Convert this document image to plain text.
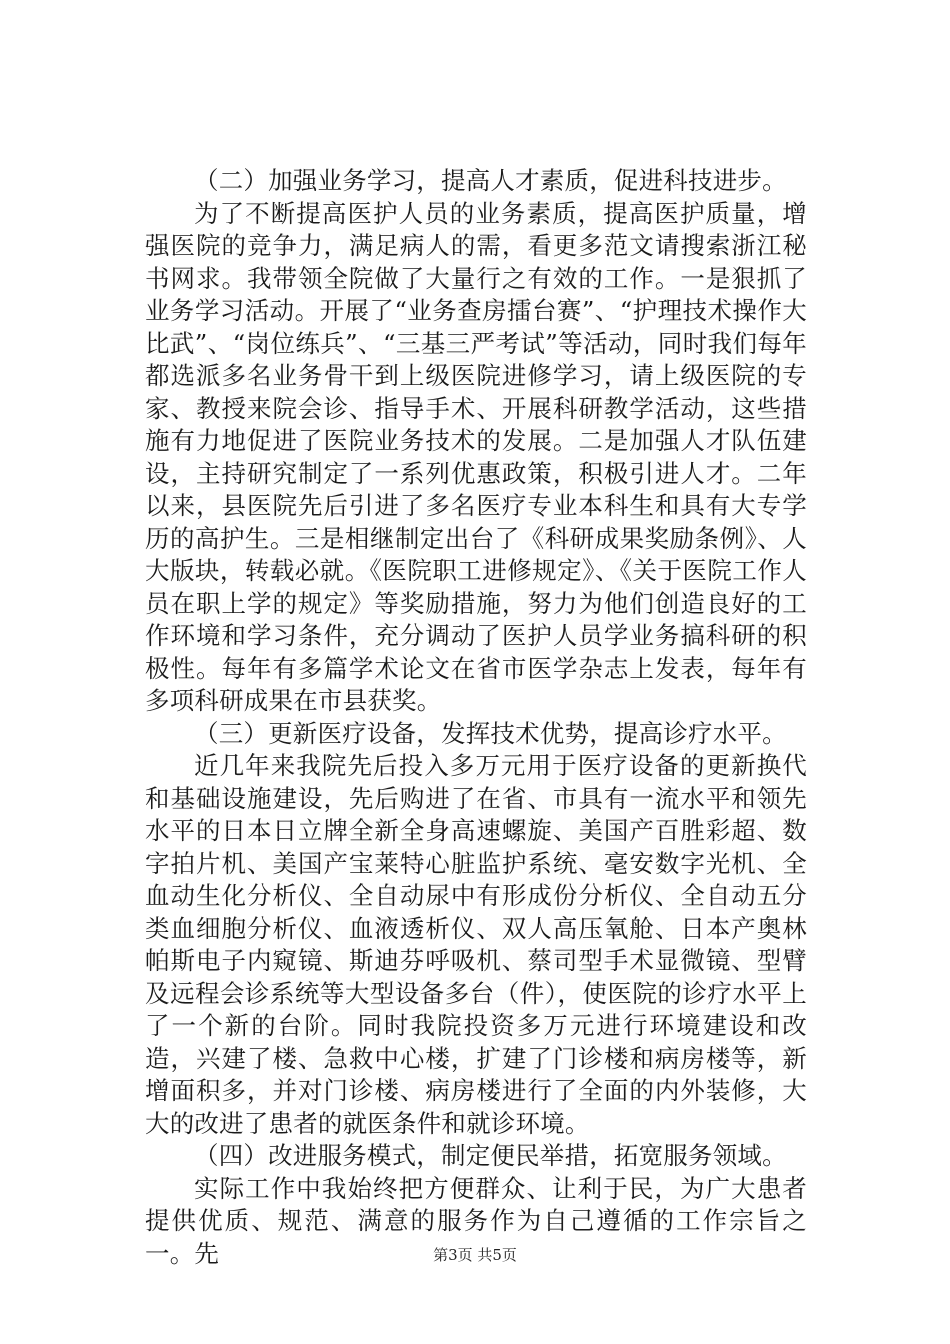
（二）加强业务学习，提高人才素质，促进科技进步。

为了不断提高医护人员的业务素质，提高医护质量，增强医院的竞争力，满足病人的需，看更多范文请搜索浙江秘书网求。我带领全院做了大量行之有效的工作。一是狠抓了业务学习活动。开展了“业务查房擂台赛”、“护理技术操作大比武”、“岗位练兵”、“三基三严考试”等活动，同时我们每年都选派多名业务骨干到上级医院进修学习，请上级医院的专家、教授来院会诊、指导手术、开展科研教学活动，这些措施有力地促进了医院业务技术的发展。二是加强人才队伍建设，主持研究制定了一系列优惠政策，积极引进人才。二年以来，县医院先后引进了多名医疗专业本科生和具有大专学历的高护生。三是相继制定出台了《科研成果奖励条例》、人大版块，转载必就。《医院职工进修规定》、《关于医院工作人员在职上学的规定》等奖励措施，努力为他们创造良好的工作环境和学习条件，充分调动了医护人员学业务搞科研的积极性。每年有多篇学术论文在省市医学杂志上发表，每年有多项科研成果在市县获奖。

（三）更新医疗设备，发挥技术优势，提高诊疗水平。

近几年来我院先后投入多万元用于医疗设备的更新换代和基础设施建设，先后购进了在省、市具有一流水平和领先水平的日本日立牌全新全身高速螺旋、美国产百胜彩超、数字拍片机、美国产宝莱特心脏监护系统、毫安数字光机、全血动生化分析仪、全自动尿中有形成份分析仪、全自动五分类血细胞分析仪、血液透析仪、双人高压氧舱、日本产奥林帕斯电子内窥镜、斯迪芬呼吸机、蔡司型手术显微镜、型臂及远程会诊系统等大型设备多台（件），使医院的诊疗水平上了一个新的台阶。同时我院投资多万元进行环境建设和改造，兴建了楼、急救中心楼，扩建了门诊楼和病房楼等，新增面积多，并对门诊楼、病房楼进行了全面的内外装修，大大的改进了患者的就医条件和就诊环境。

（四）改进服务模式，制定便民举措，拓宽服务领域。

实际工作中我始终把方便群众、让利于民，为广大患者提供优质、规范、满意的服务作为自己遵循的工作宗旨之一。先	第3页 共5页
